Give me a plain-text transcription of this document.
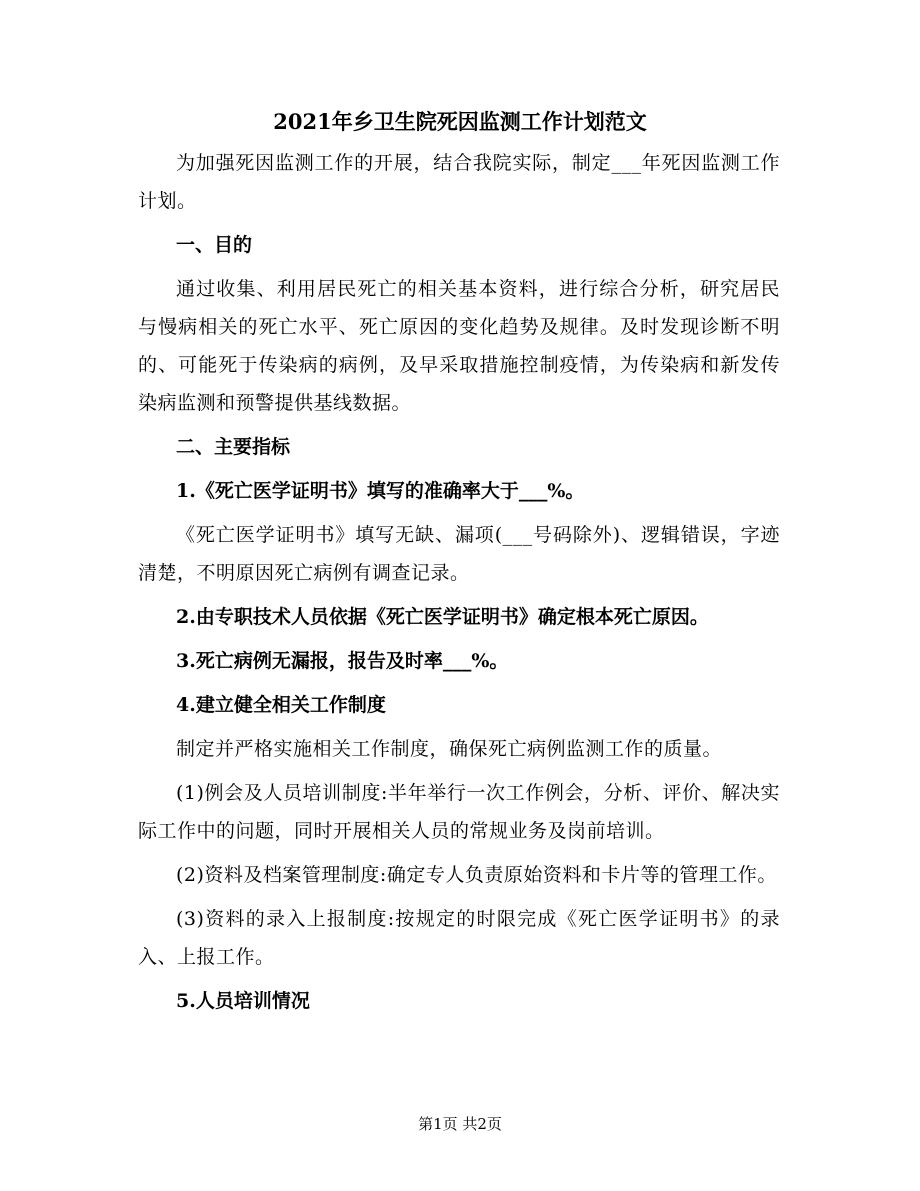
2021年乡卫生院死因监测工作计划范文

为加强死因监测工作的开展，结合我院实际，制定___年死因监测工作计划。

一、目的

通过收集、利用居民死亡的相关基本资料，进行综合分析，研究居民与慢病相关的死亡水平、死亡原因的变化趋势及规律。及时发现诊断不明的、可能死于传染病的病例，及早采取措施控制疫情，为传染病和新发传染病监测和预警提供基线数据。

二、主要指标

1.《死亡医学证明书》填写的准确率大于___%。

《死亡医学证明书》填写无缺、漏项(___号码除外)、逻辑错误，字迹清楚，不明原因死亡病例有调查记录。

2.由专职技术人员依据《死亡医学证明书》确定根本死亡原因。

3.死亡病例无漏报，报告及时率___%。

4.建立健全相关工作制度

制定并严格实施相关工作制度，确保死亡病例监测工作的质量。

(1)例会及人员培训制度:半年举行一次工作例会，分析、评价、解决实际工作中的问题，同时开展相关人员的常规业务及岗前培训。

(2)资料及档案管理制度:确定专人负责原始资料和卡片等的管理工作。

(3)资料的录入上报制度:按规定的时限完成《死亡医学证明书》的录入、上报工作。

5.人员培训情况

第1页 共2页
